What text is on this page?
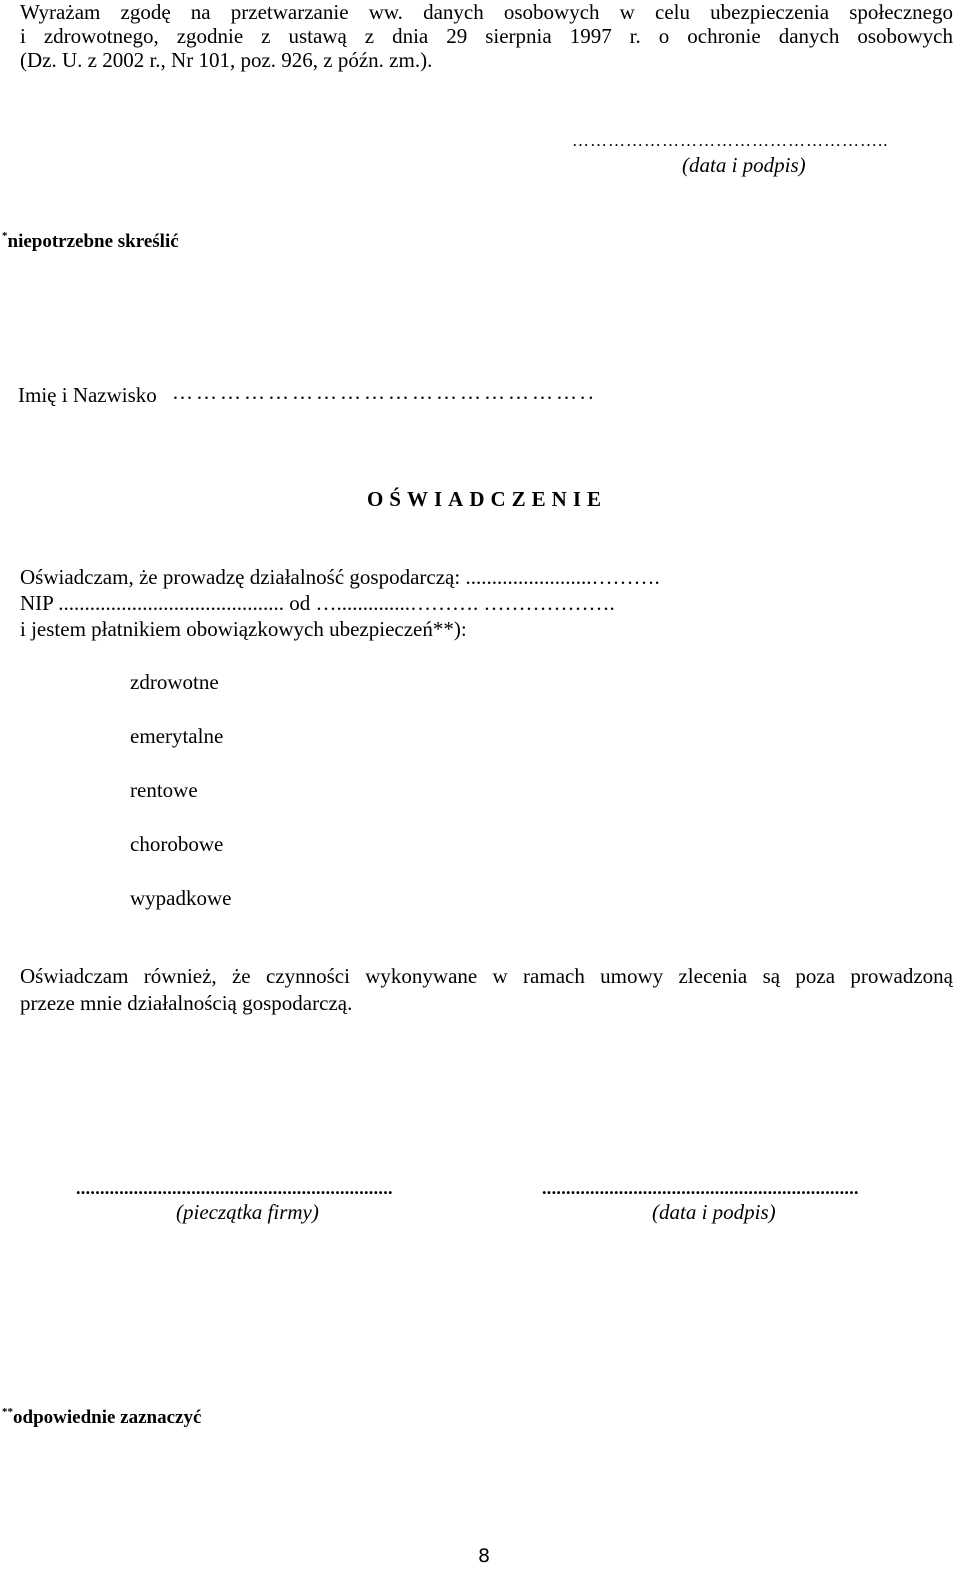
Wyrażam zgodę na przetwarzanie ww. danych osobowych w celu ubezpieczenia społecznego
i zdrowotnego, zgodnie z ustawą z dnia 29 sierpnia 1997 r. o ochronie danych osobowych
(Dz. U. z 2002 r., Nr 101, poz. 926, z późn. zm.).
……………………………………………..
(data i podpis)
*niepotrzebne skreślić
Imię i Nazwisko ……………………………………………..
OŚWIADCZENIE
Oświadczam, że prowadzę działalność gospodarczą: ........................……….
NIP ........................................... od …..............………. ……………….
i jestem płatnikiem obowiązkowych ubezpieczeń**):
zdrowotne
emerytalne
rentowe
chorobowe
wypadkowe
Oświadczam również, że czynności wykonywane w ramach umowy zlecenia są poza prowadzoną
przeze mnie działalnością gospodarczą.
..................................................................	..................................................................
(pieczątka firmy)	(data i podpis)
**odpowiednie zaznaczyć
8
